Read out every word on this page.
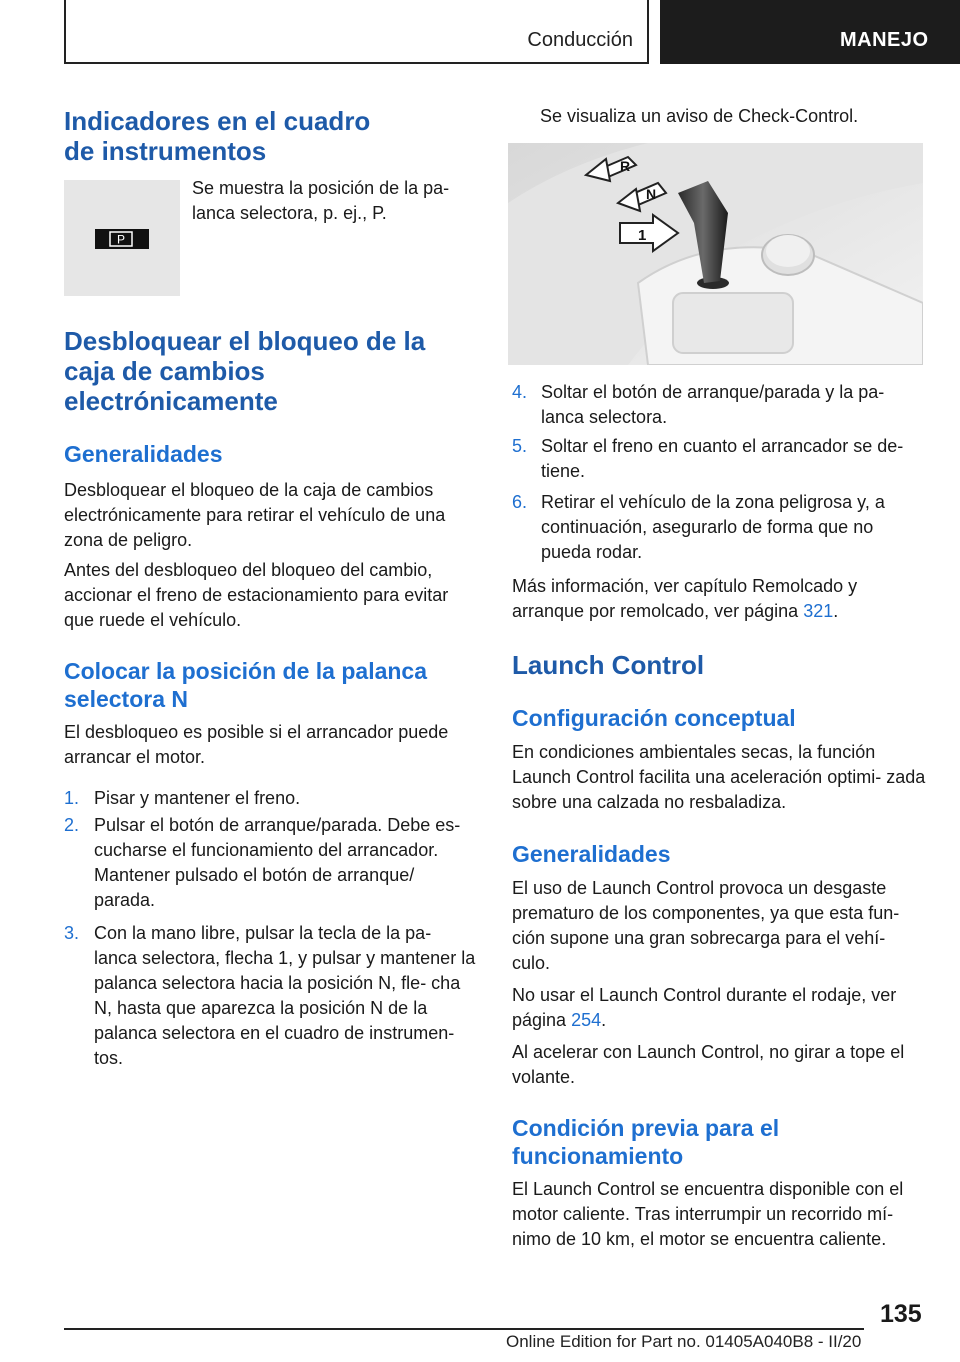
Conducción	MANEJO
Indicadores en el cuadro de instrumentos
P

Se muestra la posición de la pa- lanca selectora, p. ej., P.

Desbloquear el bloqueo de la caja de cambios electrónicamente
Generalidades

Desbloquear el bloqueo de la caja de cambios electrónicamente para retirar el vehículo de una zona de peligro.

Antes del desbloqueo del bloqueo del cambio, accionar el freno de estacionamiento para evitar que ruede el vehículo.

Colocar la posición de la palanca selectora N

El desbloqueo es posible si el arrancador puede arrancar el motor.

1. Pisar y mantener el freno.

2. Pulsar el botón de arranque/parada. Debe es- cucharse el funcionamiento del arrancador. Mantener pulsado el botón de arranque/ parada.

3. Con la mano libre, pulsar la tecla de la pa- lanca selectora, flecha 1, y pulsar y mantener la palanca selectora hacia la posición N, fle- cha N, hasta que aparezca la posición N de la palanca selectora en el cuadro de instrumen- tos.

Se visualiza un aviso de Check-Control.

R
N
1
4. Soltar el botón de arranque/parada y la pa- lanca selectora.

5. Soltar el freno en cuanto el arrancador se de- tiene.

6. Retirar el vehículo de la zona peligrosa y, a continuación, asegurarlo de forma que no pueda rodar.

Más información, ver capítulo Remolcado y arranque por remolcado, ver página 321.

Launch Control
Configuración conceptual

En condiciones ambientales secas, la función Launch Control facilita una aceleración optimi- zada sobre una calzada no resbaladiza.

Generalidades

El uso de Launch Control provoca un desgaste prematuro de los componentes, ya que esta fun- ción supone una gran sobrecarga para el vehí- culo.

No usar el Launch Control durante el rodaje, ver página 254.

Al acelerar con Launch Control, no girar a tope el volante.

Condición previa para el funcionamiento

El Launch Control se encuentra disponible con el motor caliente. Tras interrumpir un recorrido mí- nimo de 10 km, el motor se encuentra caliente.

135
Online Edition for Part no. 01405A040B8 - II/20
